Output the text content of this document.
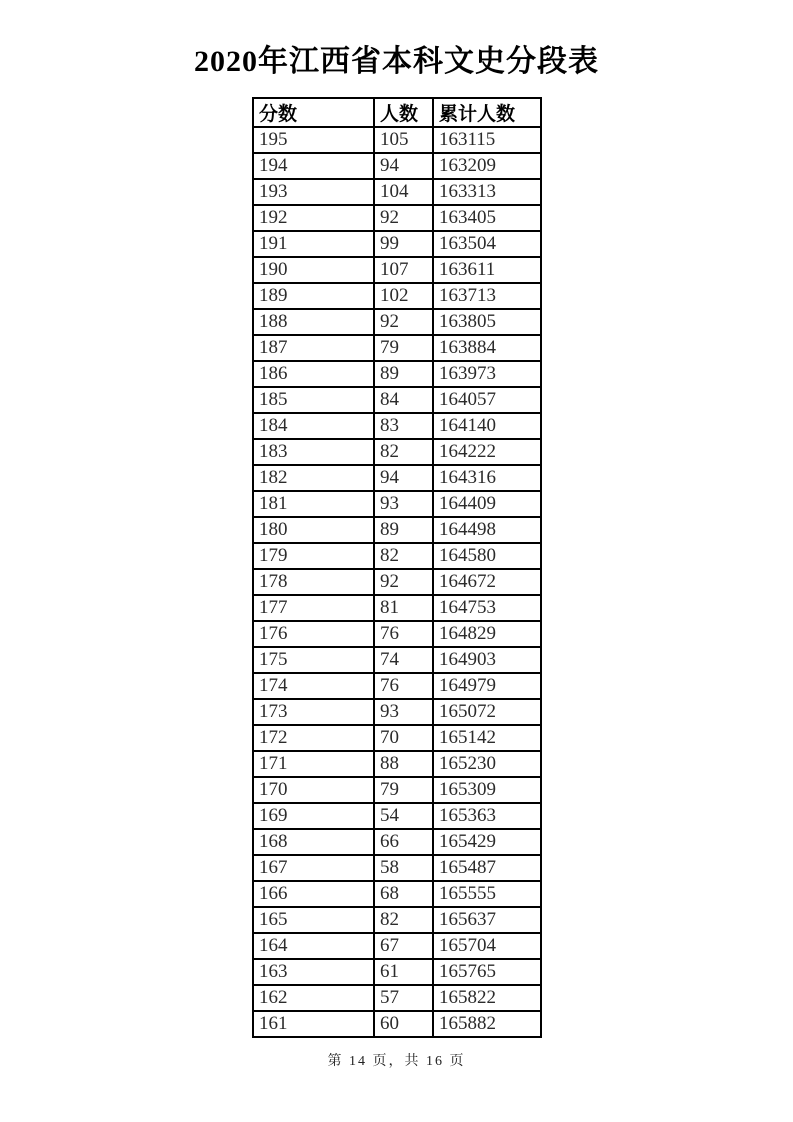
2020年江西省本科文史分段表
分数	人数	累计人数
195	105	163115
194	94	163209
193	104	163313
192	92	163405
191	99	163504
190	107	163611
189	102	163713
188	92	163805
187	79	163884
186	89	163973
185	84	164057
184	83	164140
183	82	164222
182	94	164316
181	93	164409
180	89	164498
179	82	164580
178	92	164672
177	81	164753
176	76	164829
175	74	164903
174	76	164979
173	93	165072
172	70	165142
171	88	165230
170	79	165309
169	54	165363
168	66	165429
167	58	165487
166	68	165555
165	82	165637
164	67	165704
163	61	165765
162	57	165822
161	60	165882
第 14 页，共 16 页
